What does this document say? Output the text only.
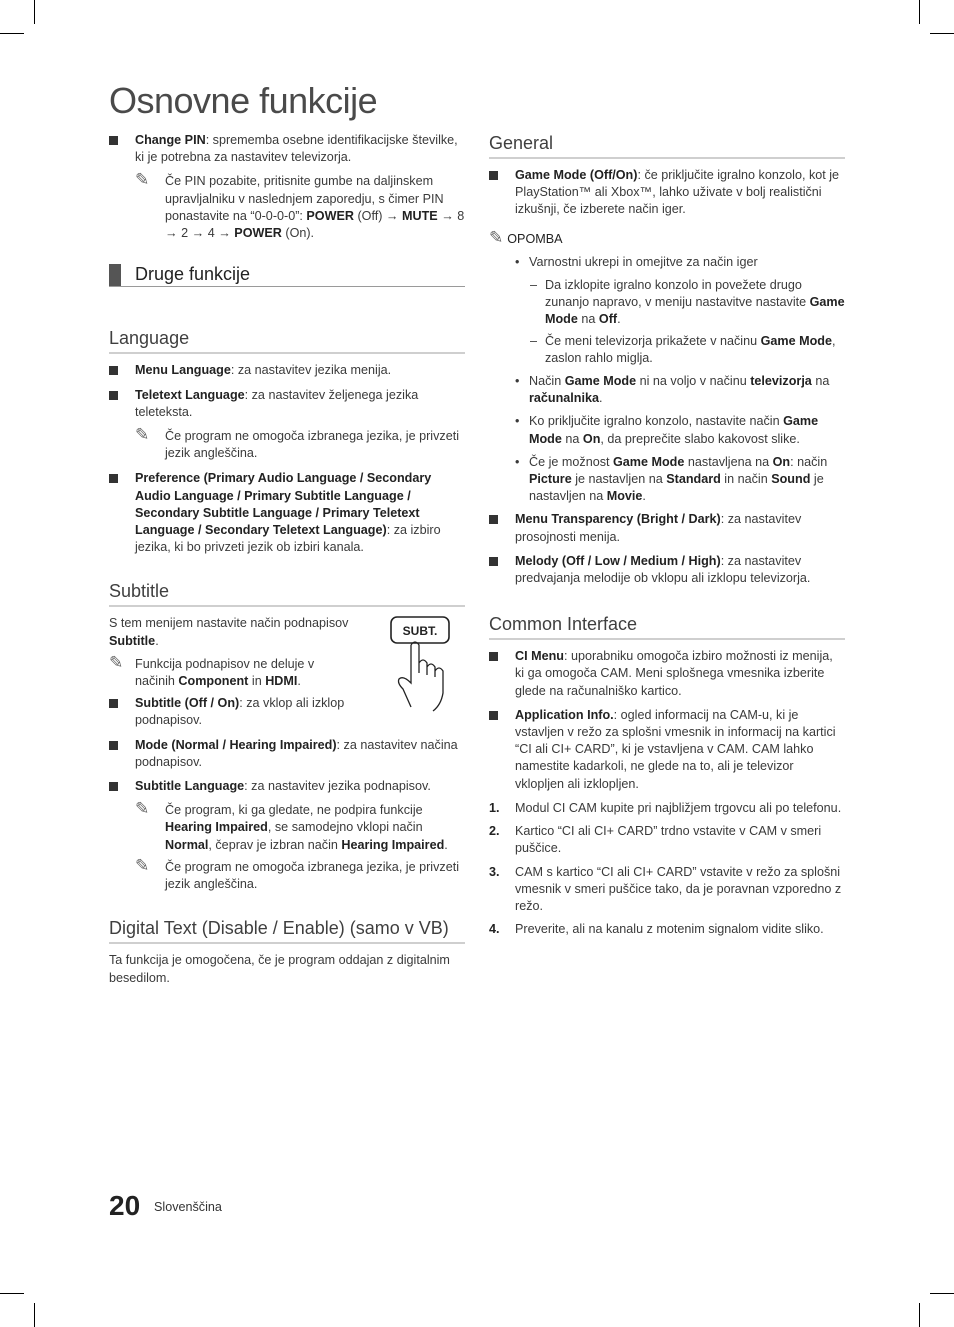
Osnovne funkcije
Change PIN: sprememba osebne identifikacijske številke, ki je potrebna za nastavitev televizorja.
✎ Če PIN pozabite, pritisnite gumbe na daljinskem upravljalniku v naslednjem zaporedju, s čimer PIN ponastavite na “0-0-0-0”: POWER (Off) → MUTE → 8 → 2 → 4 → POWER (On).
Druge funkcije
Language
Menu Language: za nastavitev jezika menija.
Teletext Language: za nastavitev željenega jezika teleteksta.
✎ Če program ne omogoča izbranega jezika, je privzeti jezik angleščina.
Preference (Primary Audio Language / Secondary Audio Language / Primary Subtitle Language / Secondary Subtitle Language / Primary Teletext Language / Secondary Teletext Language): za izbiro jezika, ki bo privzeti jezik ob izbiri kanala.
Subtitle
SUBT.
S tem menijem nastavite način podnapisov Subtitle.
✎ Funkcija podnapisov ne deluje v načinih Component in HDMI.
Subtitle (Off / On): za vklop ali izklop podnapisov.
Mode (Normal / Hearing Impaired): za nastavitev načina podnapisov.
Subtitle Language: za nastavitev jezika podnapisov.
✎ Če program, ki ga gledate, ne podpira funkcije Hearing Impaired, se samodejno vklopi način Normal, čeprav je izbran način Hearing Impaired.
✎ Če program ne omogoča izbranega jezika, je privzeti jezik angleščina.
Digital Text (Disable / Enable) (samo v VB)
Ta funkcija je omogočena, če je program oddajan z digitalnim besedilom.
General
Game Mode (Off/On): če priključite igralno konzolo, kot je PlayStation™ ali Xbox™, lahko uživate v bolj realistični izkušnji, če izberete način iger.
✎ OPOMBA
• Varnostni ukrepi in omejitve za način iger
– Da izklopite igralno konzolo in povežete drugo zunanjo napravo, v meniju nastavitve nastavite Game Mode na Off.
– Če meni televizorja prikažete v načinu Game Mode, zaslon rahlo miglja.
• Način Game Mode ni na voljo v načinu televizorja na računalnika.
• Ko priključite igralno konzolo, nastavite način Game Mode na On, da preprečite slabo kakovost slike.
• Če je možnost Game Mode nastavljena na On: način Picture je nastavljen na Standard in način Sound je nastavljen na Movie.
Menu Transparency (Bright / Dark): za nastavitev prosojnosti menija.
Melody (Off / Low / Medium / High): za nastavitev predvajanja melodije ob vklopu ali izklopu televizorja.
Common Interface
CI Menu: uporabniku omogoča izbiro možnosti iz menija, ki ga omogoča CAM. Meni splošnega vmesnika izberite glede na računalniško kartico.
Application Info.: ogled informacij na CAM-u, ki je vstavljen v režo za splošni vmesnik in informacij na kartici “CI ali CI+ CARD”, ki je vstavljena v CAM. CAM lahko namestite kadarkoli, ne glede na to, ali je televizor vklopljen ali izklopljen.
1. Modul CI CAM kupite pri najbližjem trgovcu ali po telefonu.
2. Kartico “CI ali CI+ CARD” trdno vstavite v CAM v smeri puščice.
3. CAM s kartico “CI ali CI+ CARD” vstavite v režo za splošni vmesnik v smeri puščice tako, da je poravnan vzporedno z režo.
4. Preverite, ali na kanalu z motenim signalom vidite sliko.
20 Slovenščina
